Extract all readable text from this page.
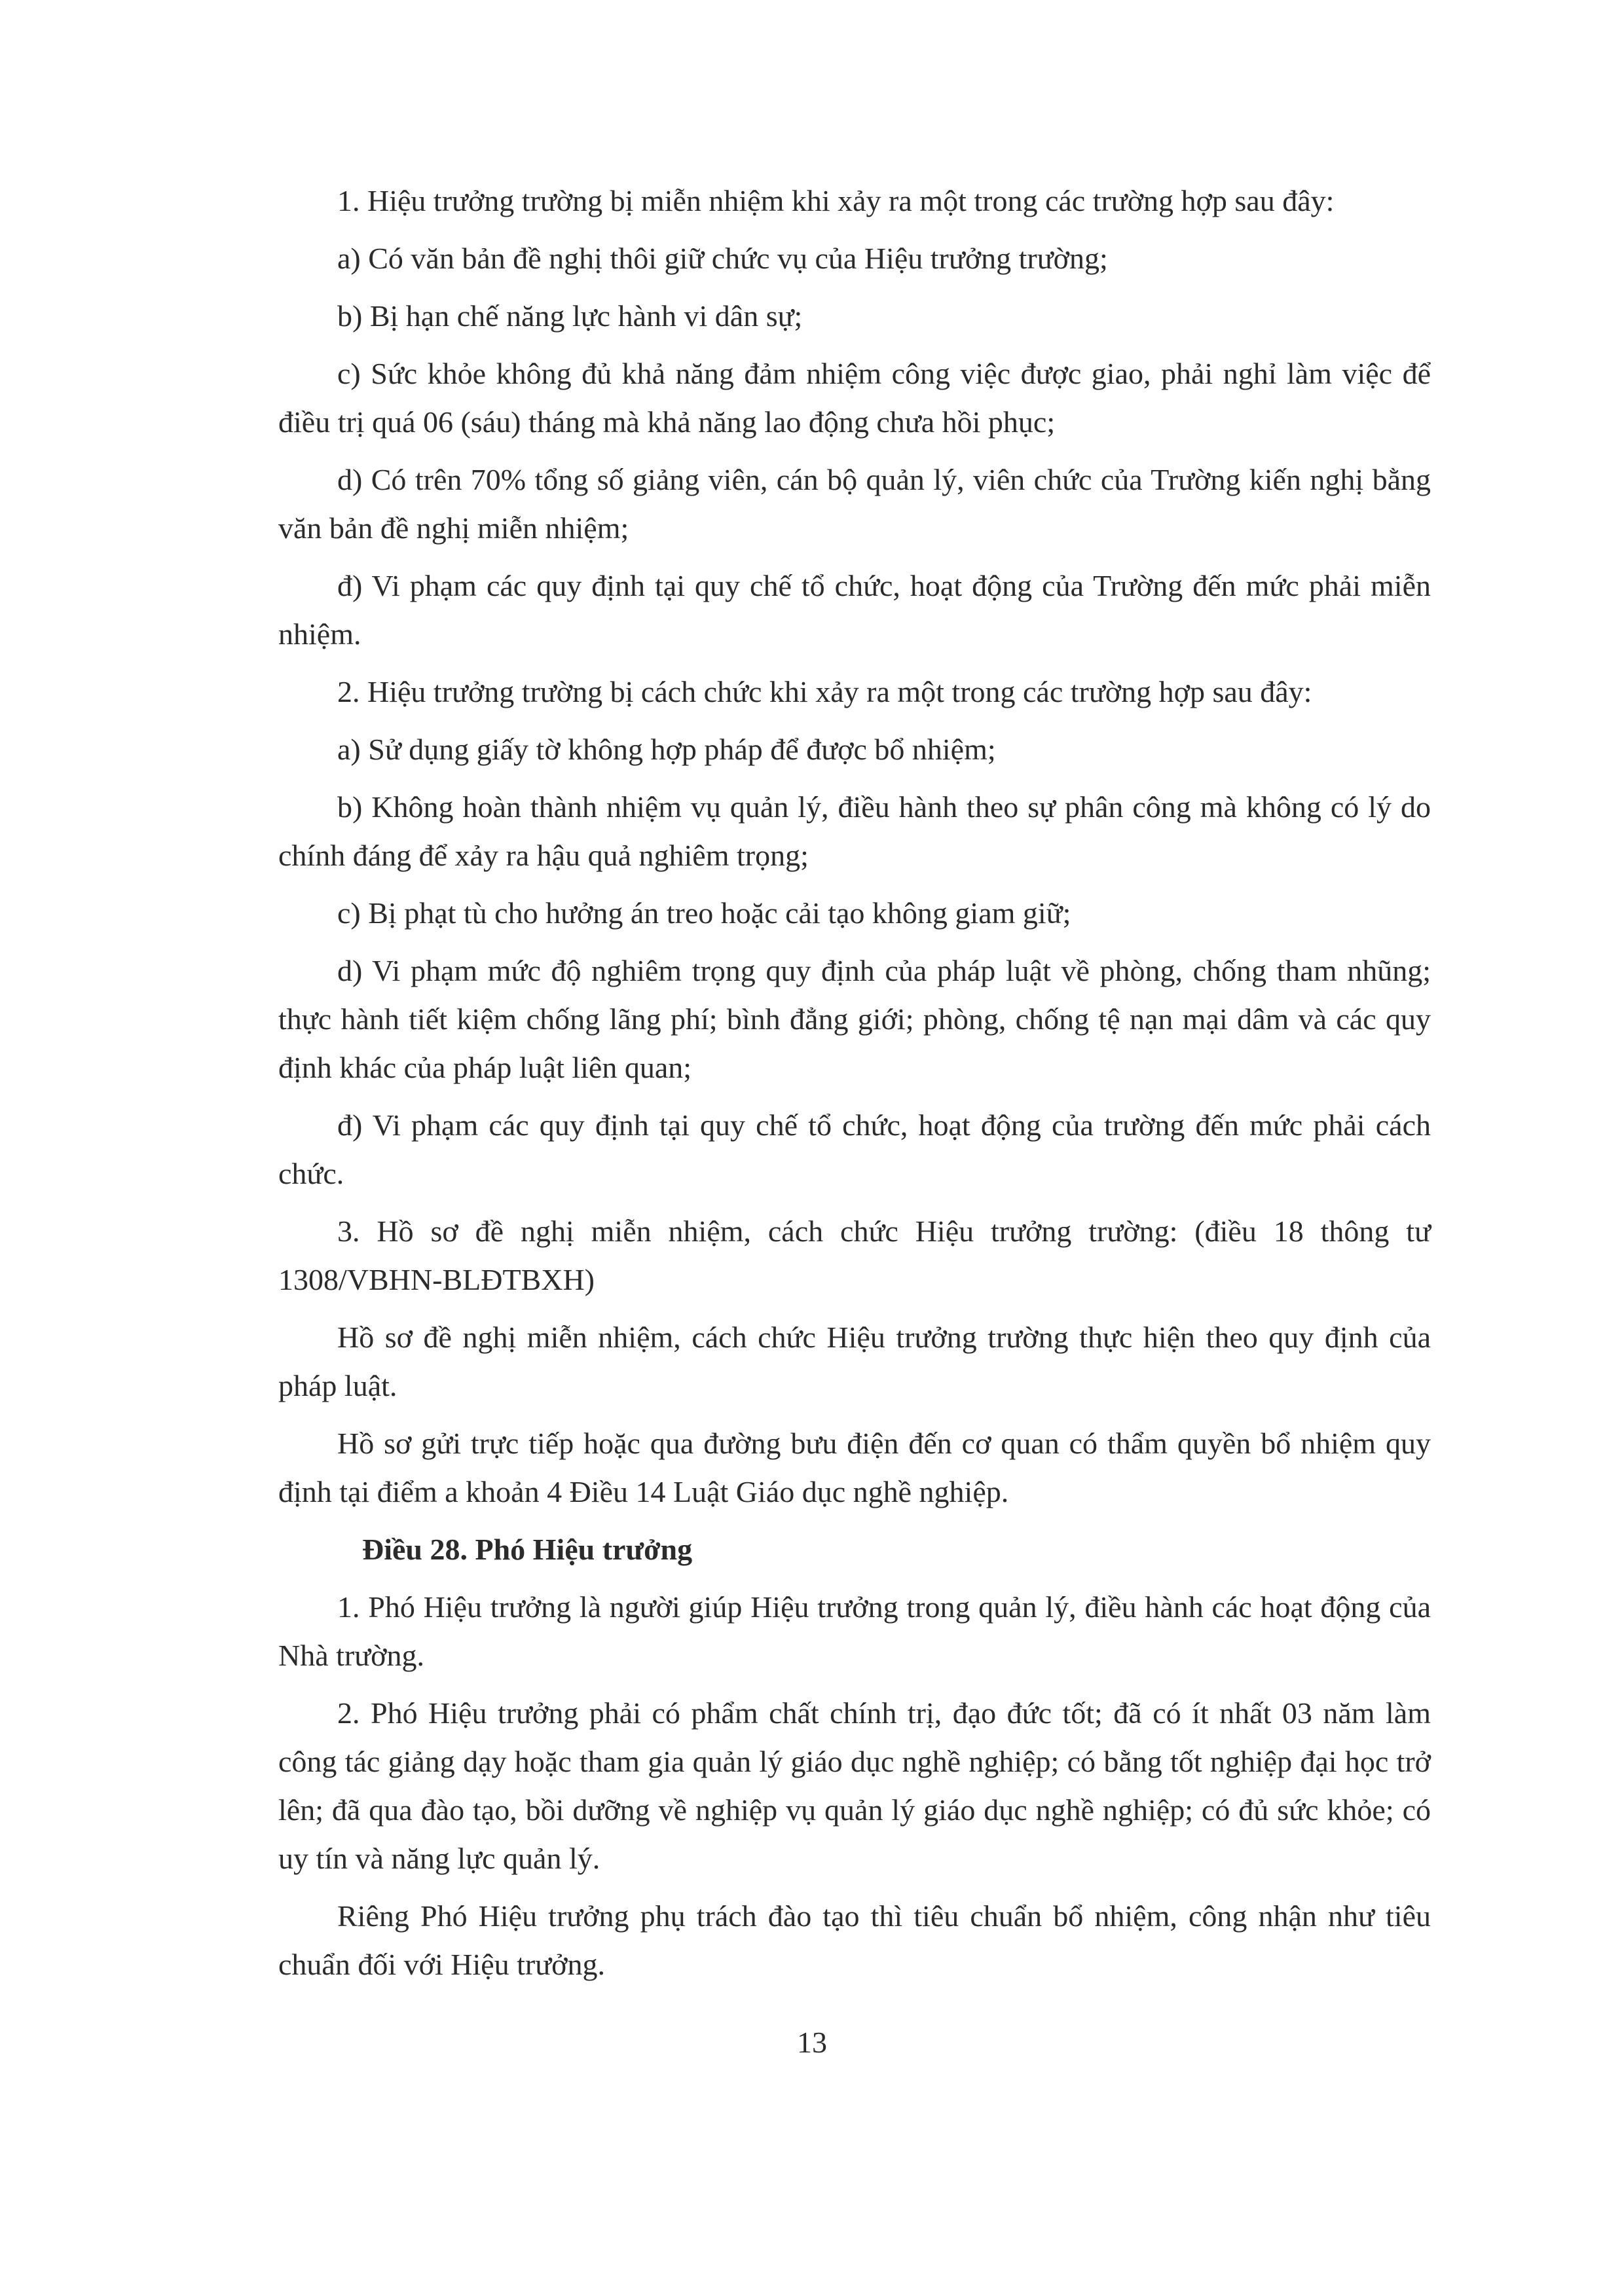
1. Hiệu trưởng trường bị miễn nhiệm khi xảy ra một trong các trường hợp sau đây:

a) Có văn bản đề nghị thôi giữ chức vụ của Hiệu trưởng trường;

b) Bị hạn chế năng lực hành vi dân sự;

c) Sức khỏe không đủ khả năng đảm nhiệm công việc được giao, phải nghỉ làm việc để điều trị quá 06 (sáu) tháng mà khả năng lao động chưa hồi phục;

d) Có trên 70% tổng số giảng viên, cán bộ quản lý, viên chức của Trường kiến nghị bằng văn bản đề nghị miễn nhiệm;

đ) Vi phạm các quy định tại quy chế tổ chức, hoạt động của Trường đến mức phải miễn nhiệm.

2. Hiệu trưởng trường bị cách chức khi xảy ra một trong các trường hợp sau đây:

a) Sử dụng giấy tờ không hợp pháp để được bổ nhiệm;

b) Không hoàn thành nhiệm vụ quản lý, điều hành theo sự phân công mà không có lý do chính đáng để xảy ra hậu quả nghiêm trọng;

c) Bị phạt tù cho hưởng án treo hoặc cải tạo không giam giữ;

d) Vi phạm mức độ nghiêm trọng quy định của pháp luật về phòng, chống tham nhũng; thực hành tiết kiệm chống lãng phí; bình đẳng giới; phòng, chống tệ nạn mại dâm và các quy định khác của pháp luật liên quan;

đ) Vi phạm các quy định tại quy chế tổ chức, hoạt động của trường đến mức phải cách chức.

3. Hồ sơ đề nghị miễn nhiệm, cách chức Hiệu trưởng trường: (điều 18 thông tư 1308/VBHN-BLĐTBXH)

Hồ sơ đề nghị miễn nhiệm, cách chức Hiệu trưởng trường thực hiện theo quy định của pháp luật.

Hồ sơ gửi trực tiếp hoặc qua đường bưu điện đến cơ quan có thẩm quyền bổ nhiệm quy định tại điểm a khoản 4 Điều 14 Luật Giáo dục nghề nghiệp.

Điều 28. Phó Hiệu trưởng

1. Phó Hiệu trưởng là người giúp Hiệu trưởng trong quản lý, điều hành các hoạt động của Nhà trường.

2. Phó Hiệu trưởng phải có phẩm chất chính trị, đạo đức tốt; đã có ít nhất 03 năm làm công tác giảng dạy hoặc tham gia quản lý giáo dục nghề nghiệp; có bằng tốt nghiệp đại học trở lên; đã qua đào tạo, bồi dưỡng về nghiệp vụ quản lý giáo dục nghề nghiệp; có đủ sức khỏe; có uy tín và năng lực quản lý.

Riêng Phó Hiệu trưởng phụ trách đào tạo thì tiêu chuẩn bổ nhiệm, công nhận như tiêu chuẩn đối với Hiệu trưởng.

13
